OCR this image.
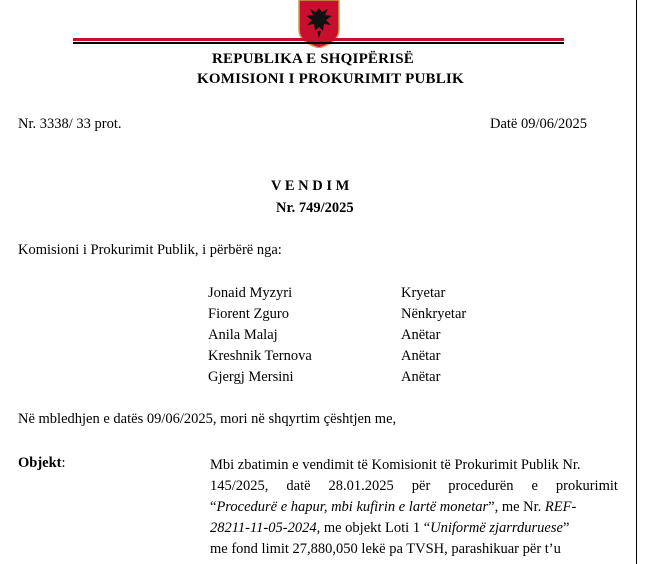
REPUBLIKA E SHQIPËRISË
KOMISIONI I PROKURIMIT PUBLIK
Nr. 3338/ 33 prot.	Datë 09/06/2025
V E N D I M
Nr. 749/2025
Komisioni i Prokurimit Publik, i përbërë nga:
Jonaid Myzyri	Kryetar
Fiorent Zguro	Nënkryetar
Anila Malaj	Anëtar
Kreshnik Ternova	Anëtar
Gjergj Mersini	Anëtar
Në mbledhjen e datës 09/06/2025, mori në shqyrtim çështjen me,
Objekt:	Mbi zbatimin e vendimit të Komisionit të Prokurimit Publik Nr.
145/2025, datë 28.01.2025 për procedurën e prokurimit
“Procedurë e hapur, mbi kufirin e lartë monetar”, me Nr. REF-
28211-11-05-2024, me objekt Loti 1 “Uniformë zjarrduruese”
me fond limit 27,880,050 lekë pa TVSH, parashikuar për t’u
